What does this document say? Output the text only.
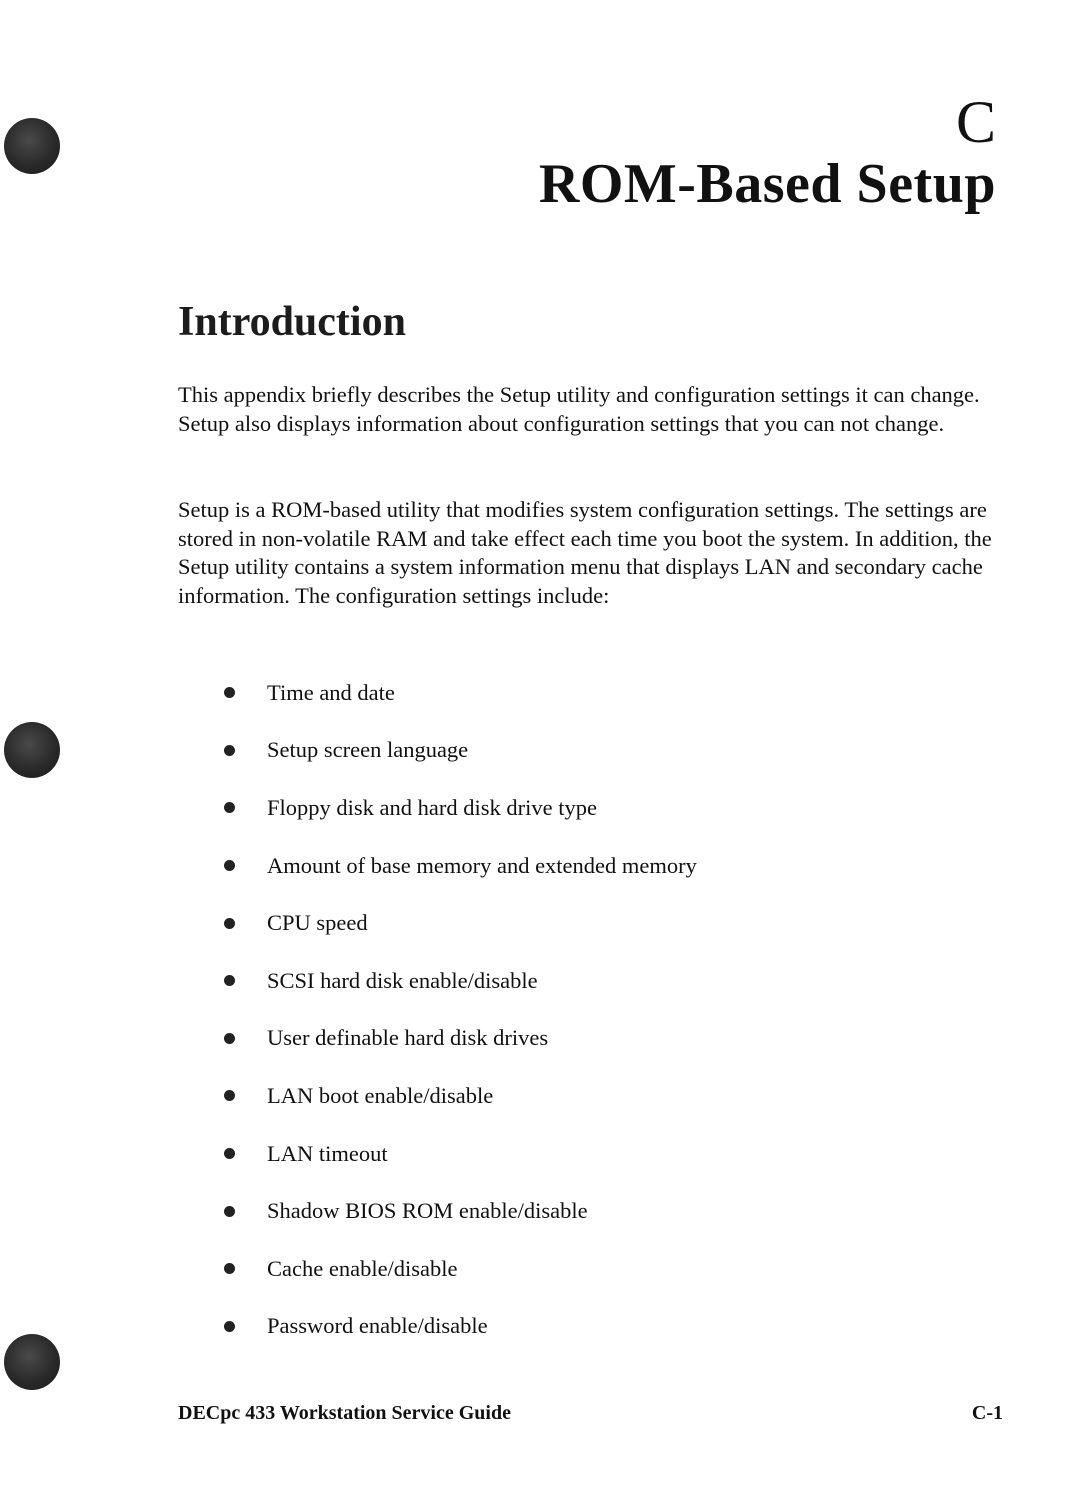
C
ROM-Based Setup
Introduction

This appendix briefly describes the Setup utility and configuration settings it can change. Setup also displays information about configuration settings that you can not change.

Setup is a ROM-based utility that modifies system configuration settings. The settings are stored in non-volatile RAM and take effect each time you boot the system. In addition, the Setup utility contains a system information menu that displays LAN and secondary cache information. The configuration settings include:

Time and date
Setup screen language
Floppy disk and hard disk drive type
Amount of base memory and extended memory
CPU speed
SCSI hard disk enable/disable
User definable hard disk drives
LAN boot enable/disable
LAN timeout
Shadow BIOS ROM enable/disable
Cache enable/disable
Password enable/disable

DECpc 433 Workstation Service Guide	C-1
